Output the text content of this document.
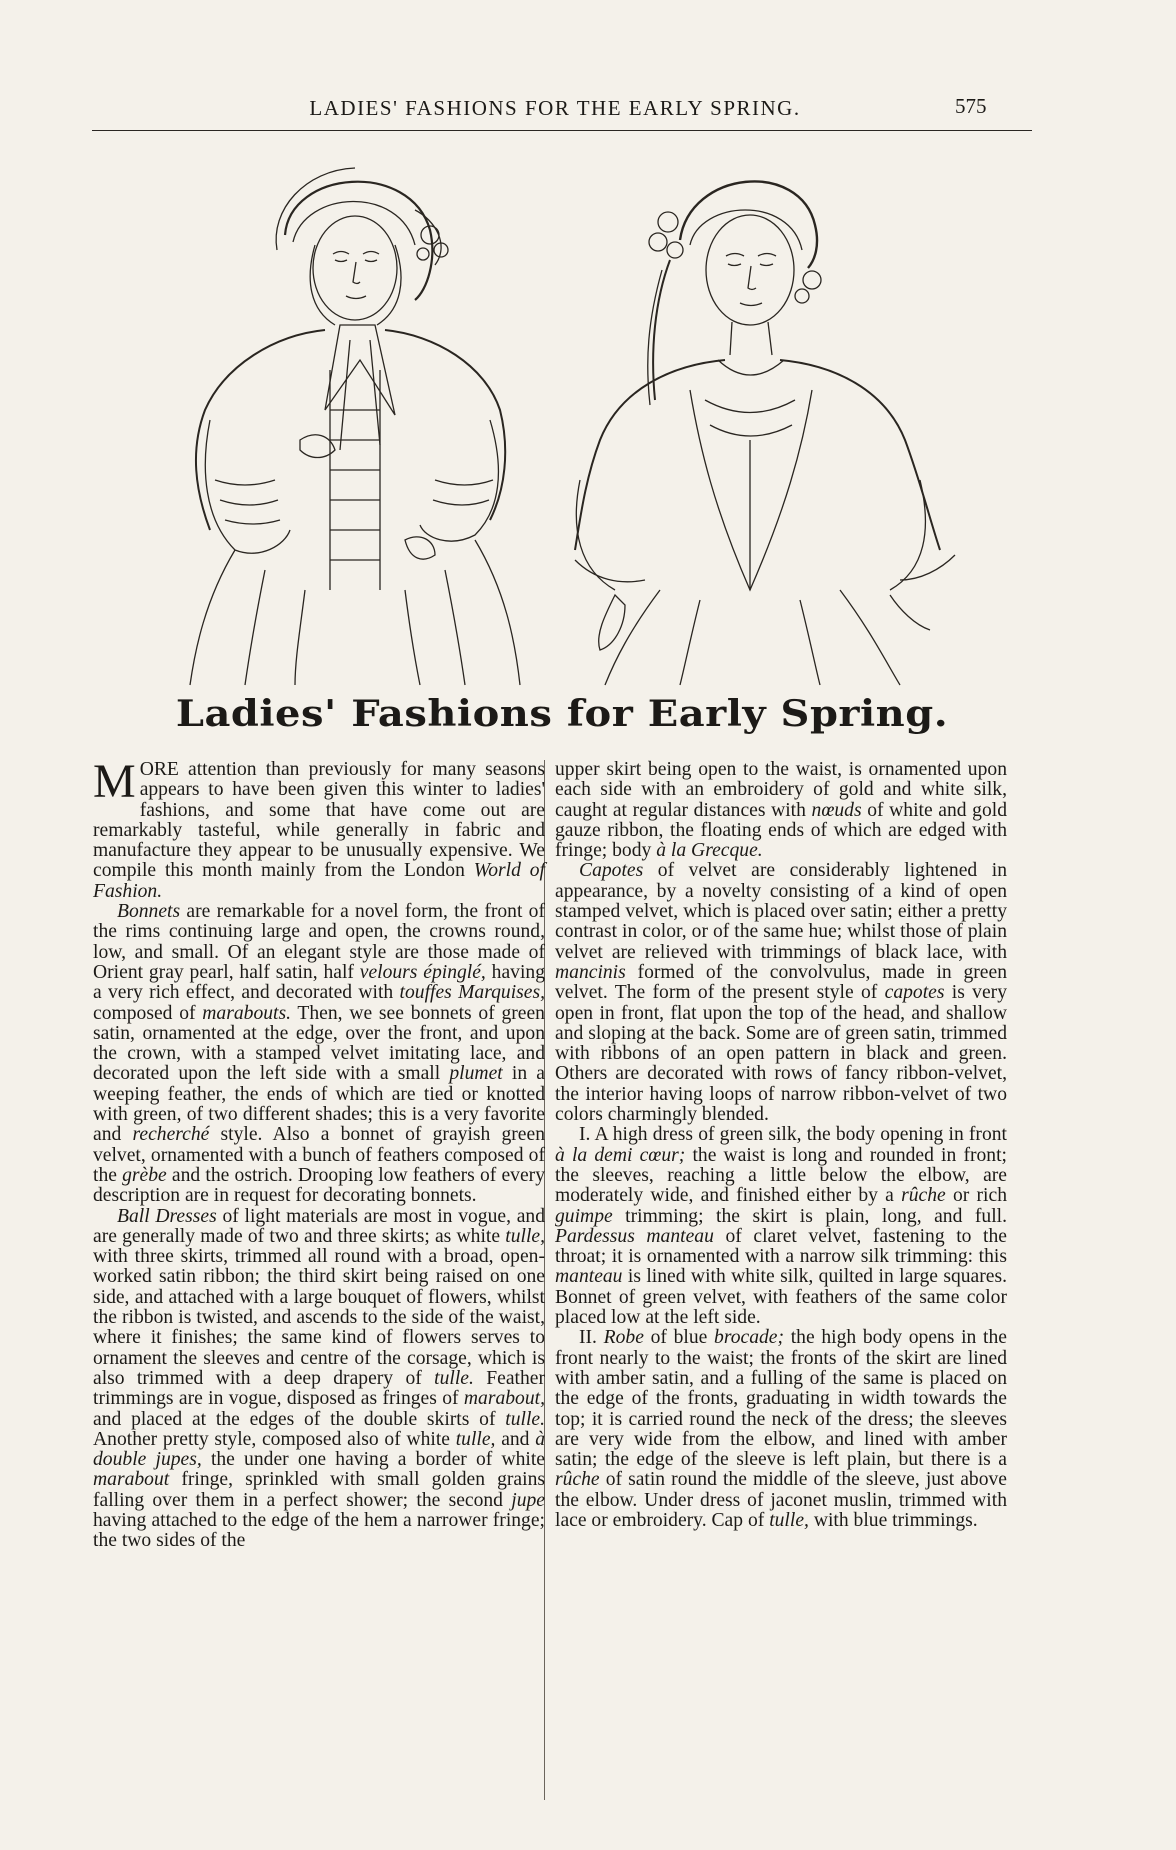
LADIES' FASHIONS FOR THE EARLY SPRING.	575
Ladies' Fashions for Early Spring.

MORE attention than previously for many seasons appears to have been given this winter to ladies' fashions, and some that have come out are remarkably tasteful, while generally in fabric and manufacture they appear to be unusually expensive. We compile this month mainly from the London World of Fashion.

Bonnets are remarkable for a novel form, the front of the rims continuing large and open, the crowns round, low, and small. Of an elegant style are those made of Orient gray pearl, half satin, half velours épinglé, having a very rich effect, and decorated with touffes Marquises, composed of marabouts. Then, we see bonnets of green satin, ornamented at the edge, over the front, and upon the crown, with a stamped velvet imitating lace, and decorated upon the left side with a small plumet in a weeping feather, the ends of which are tied or knotted with green, of two different shades; this is a very favorite and recherché style. Also a bonnet of grayish green velvet, ornamented with a bunch of feathers composed of the grèbe and the ostrich. Drooping low feathers of every description are in request for decorating bonnets.

Ball Dresses of light materials are most in vogue, and are generally made of two and three skirts; as white tulle, with three skirts, trimmed all round with a broad, open-worked satin ribbon; the third skirt being raised on one side, and attached with a large bouquet of flowers, whilst the ribbon is twisted, and ascends to the side of the waist, where it finishes; the same kind of flowers serves to ornament the sleeves and centre of the corsage, which is also trimmed with a deep drapery of tulle. Feather trimmings are in vogue, disposed as fringes of marabout, and placed at the edges of the double skirts of tulle. Another pretty style, composed also of white tulle, and à double jupes, the under one having a border of white marabout fringe, sprinkled with small golden grains falling over them in a perfect shower; the second jupe having attached to the edge of the hem a narrower fringe; the two sides of the

upper skirt being open to the waist, is ornamented upon each side with an embroidery of gold and white silk, caught at regular distances with nœuds of white and gold gauze ribbon, the floating ends of which are edged with fringe; body à la Grecque.

Capotes of velvet are considerably lightened in appearance, by a novelty consisting of a kind of open stamped velvet, which is placed over satin; either a pretty contrast in color, or of the same hue; whilst those of plain velvet are relieved with trimmings of black lace, with mancinis formed of the convolvulus, made in green velvet. The form of the present style of capotes is very open in front, flat upon the top of the head, and shallow and sloping at the back. Some are of green satin, trimmed with ribbons of an open pattern in black and green. Others are decorated with rows of fancy ribbon-velvet, the interior having loops of narrow ribbon-velvet of two colors charmingly blended.

I. A high dress of green silk, the body opening in front à la demi cœur; the waist is long and rounded in front; the sleeves, reaching a little below the elbow, are moderately wide, and finished either by a rûche or rich guimpe trimming; the skirt is plain, long, and full. Pardessus manteau of claret velvet, fastening to the throat; it is ornamented with a narrow silk trimming: this manteau is lined with white silk, quilted in large squares. Bonnet of green velvet, with feathers of the same color placed low at the left side.

II. Robe of blue brocade; the high body opens in the front nearly to the waist; the fronts of the skirt are lined with amber satin, and a fulling of the same is placed on the edge of the fronts, graduating in width towards the top; it is carried round the neck of the dress; the sleeves are very wide from the elbow, and lined with amber satin; the edge of the sleeve is left plain, but there is a rûche of satin round the middle of the sleeve, just above the elbow. Under dress of jaconet muslin, trimmed with lace or embroidery. Cap of tulle, with blue trimmings.
